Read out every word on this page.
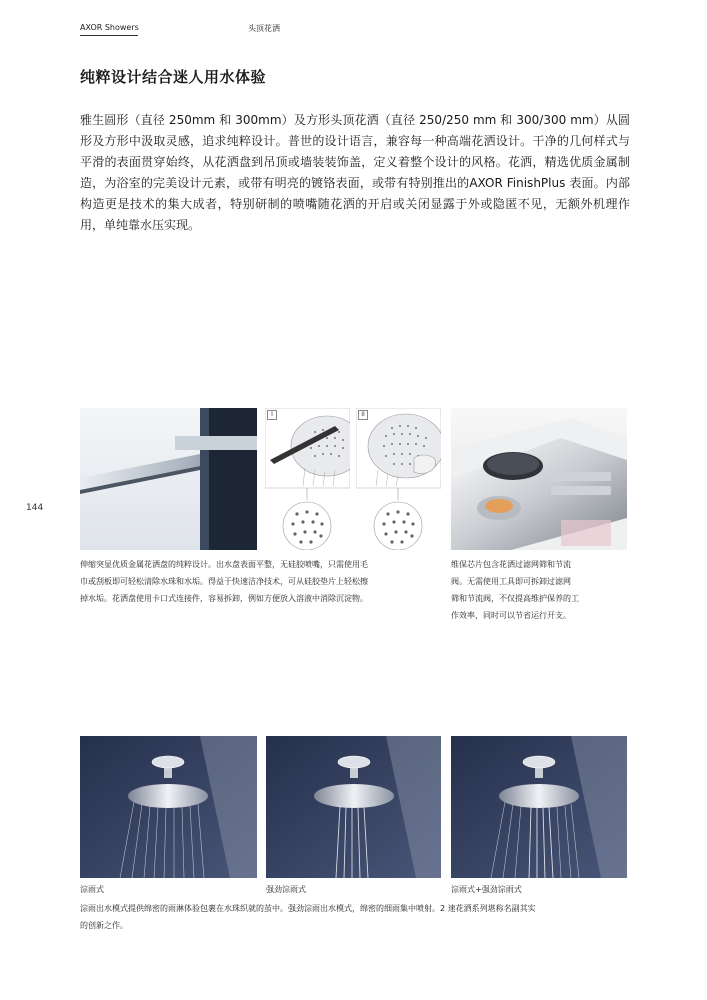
AXOR Showers	头顶花洒
纯粹设计结合迷人用水体验
雅生圆形（直径 250mm 和 300mm）及方形头顶花洒（直径 250/250 mm 和 300/300 mm）从圆形及方形中汲取灵感，追求纯粹设计。普世的设计语言，兼容每一种高端花洒设计。干净的几何样式与平滑的表面贯穿始终，从花洒盘到吊顶或墙装装饰盖，定义着整个设计的风格。花洒，精选优质金属制造，为浴室的完美设计元素，或带有明亮的镀铬表面，或带有特别推出的AXOR FinishPlus 表面。内部构造更是技术的集大成者，特别研制的喷嘴随花洒的开启或关闭显露于外或隐匿不见，无额外机理作用，单纯靠水压实现。
144
I	II
伸缩突显优质金属花洒盘的纯粹设计。出水盘表面平整，无硅胶喷嘴，只需使用毛
巾或刮板即可轻松清除水珠和水垢。得益于快速洁净技术，可从硅胶垫片上轻松擦
掉水垢。花洒盘使用卡口式连接件，容易拆卸，例如方便放入溶液中消除沉淀物。
维保芯片包含花洒过滤网筛和节流
阀。无需使用工具即可拆卸过滤网
筛和节流阀，不仅提高维护保养的工
作效率，同时可以节省运行开支。
淙雨式	强劲淙雨式	淙雨式+强劲淙雨式
淙雨出水模式提供绵密的雨淋体验包裹在水珠织就的茧中。强劲淙雨出水模式，绵密的细雨集中喷射。2 速花洒系列堪称名副其实
的创新之作。
